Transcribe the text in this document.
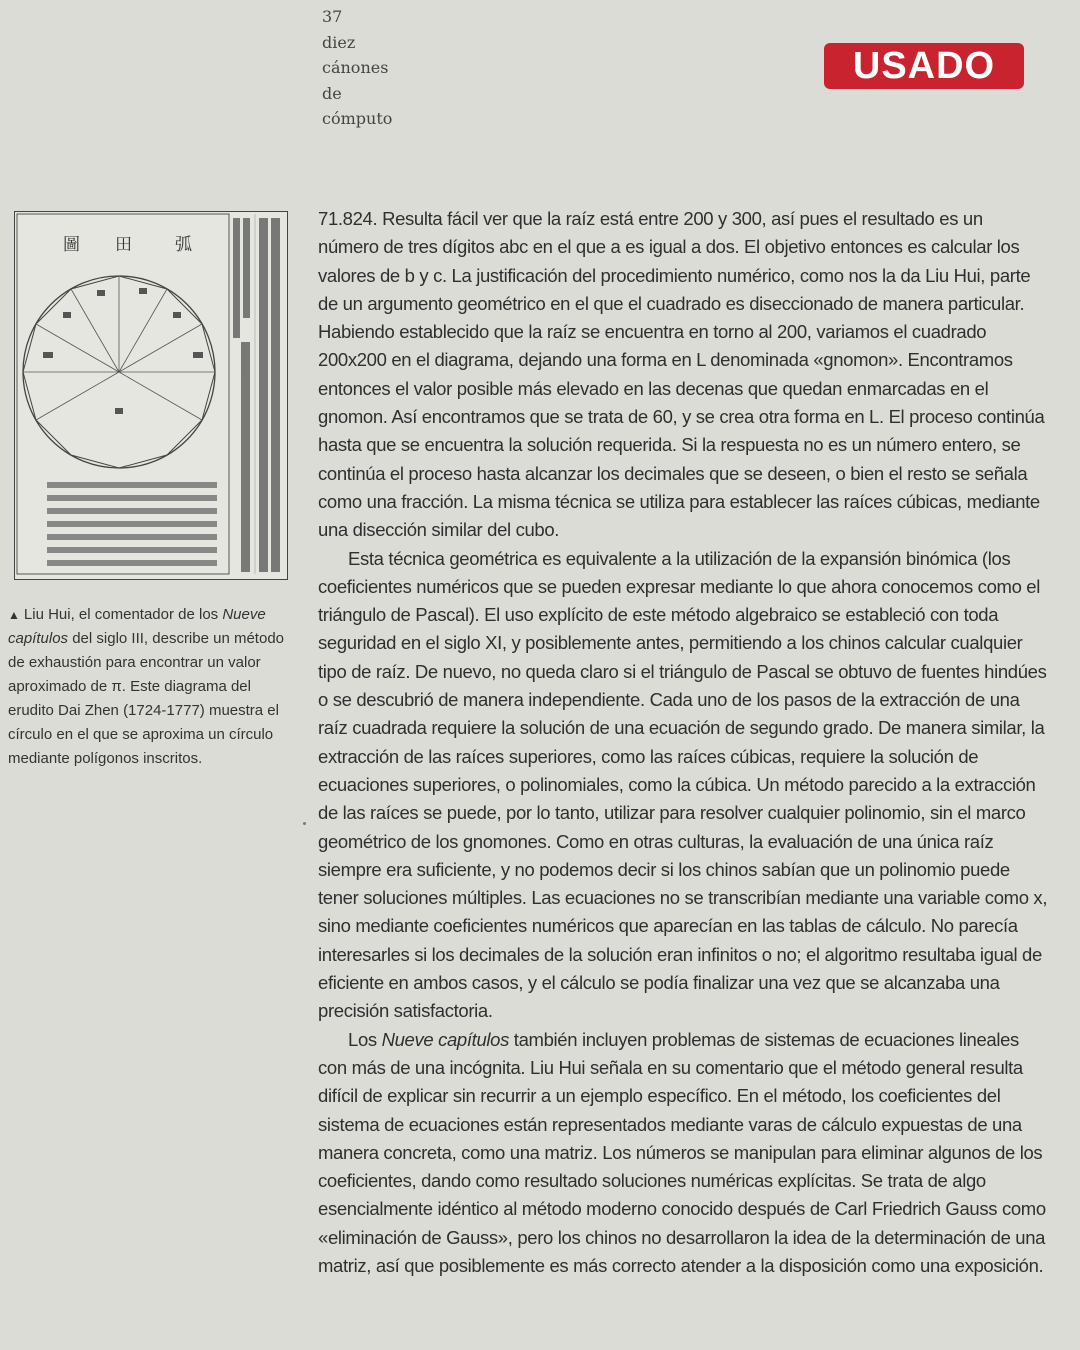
37
diez
cánones
de
cómputo
USADO
圖 田	弧
▲ Liu Hui, el comentador de los Nueve capítulos del siglo III, describe un método de exhaustión para encontrar un valor aproximado de π. Este diagrama del erudito Dai Zhen (1724-1777) muestra el círculo en el que se aproxima un círculo mediante polígonos inscritos.

71.824. Resulta fácil ver que la raíz está entre 200 y 300, así pues el resultado es un número de tres dígitos abc en el que a es igual a dos. El objetivo entonces es calcular los valores de b y c. La justificación del procedimiento numérico, como nos la da Liu Hui, parte de un argumento geométrico en el que el cuadrado es diseccionado de manera particular. Habiendo establecido que la raíz se encuentra en torno al 200, variamos el cuadrado 200x200 en el diagrama, dejando una forma en L denominada «gnomon». Encontramos entonces el valor posible más elevado en las decenas que quedan enmarcadas en el gnomon. Así encontramos que se trata de 60, y se crea otra forma en L. El proceso continúa hasta que se encuentra la solución requerida. Si la respuesta no es un número entero, se continúa el proceso hasta alcanzar los decimales que se deseen, o bien el resto se señala como una fracción. La misma técnica se utiliza para establecer las raíces cúbicas, mediante una disección similar del cubo.

Esta técnica geométrica es equivalente a la utilización de la expansión binómica (los coeficientes numéricos que se pueden expresar mediante lo que ahora conocemos como el triángulo de Pascal). El uso explícito de este método algebraico se estableció con toda seguridad en el siglo XI, y posiblemente antes, permitiendo a los chinos calcular cualquier tipo de raíz. De nuevo, no queda claro si el triángulo de Pascal se obtuvo de fuentes hindúes o se descubrió de manera independiente. Cada uno de los pasos de la extracción de una raíz cuadrada requiere la solución de una ecuación de segundo grado. De manera similar, la extracción de las raíces superiores, como las raíces cúbicas, requiere la solución de ecuaciones superiores, o polinomiales, como la cúbica. Un método parecido a la extracción de las raíces se puede, por lo tanto, utilizar para resolver cualquier polinomio, sin el marco geométrico de los gnomones. Como en otras culturas, la evaluación de una única raíz siempre era suficiente, y no podemos decir si los chinos sabían que un polinomio puede tener soluciones múltiples. Las ecuaciones no se transcribían mediante una variable como x, sino mediante coeficientes numéricos que aparecían en las tablas de cálculo. No parecía interesarles si los decimales de la solución eran infinitos o no; el algoritmo resultaba igual de eficiente en ambos casos, y el cálculo se podía finalizar una vez que se alcanzaba una precisión satisfactoria.

Los Nueve capítulos también incluyen problemas de sistemas de ecuaciones lineales con más de una incógnita. Liu Hui señala en su comentario que el método general resulta difícil de explicar sin recurrir a un ejemplo específico. En el método, los coeficientes del sistema de ecuaciones están representados mediante varas de cálculo expuestas de una manera concreta, como una matriz. Los números se manipulan para eliminar algunos de los coeficientes, dando como resultado soluciones numéricas explícitas. Se trata de algo esencialmente idéntico al método moderno conocido después de Carl Friedrich Gauss como «eliminación de Gauss», pero los chinos no desarrollaron la idea de la determinación de una matriz, así que posiblemente es más correcto atender a la disposición como una exposición.
